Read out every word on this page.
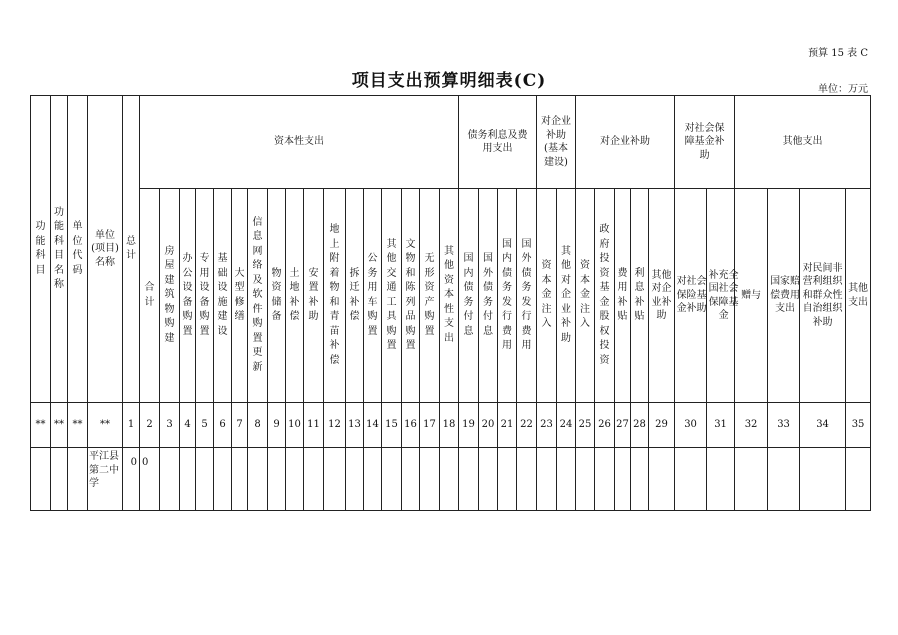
预算 15 表 C
项目支出预算明细表(C)	单位：万元
功能科目	功能科目名称	单位代码	单位(项目)名称	总计	资本性支出																	债务利息及费用支出				对企业补助(基本建设)		对企业补助					对社会保障基金补助		其他支出			
					合计	房屋建筑物购建	办公设备购置	专用设备购置	基础设施建设	大型修缮	信息网络及软件购置更新	物资储备	土地补偿	安置补助	地上附着物和青苗补偿	拆迁补偿	公务用车购置	其他交通工具购置	文物和陈列品购置	无形资产购置	其他资本性支出	国内债务付息	国外债务付息	国内债务发行费用	国外债务发行费用	资本金注入	其他对企业补助	资本金注入	政府投资基金股权投资	费用补贴	利息补贴	其他对企业补助	对社会保险基金补助	补充全国社会保障基金	赠与	国家赔偿费用支出	对民间非营利组织和群众性自治组织补助	其他支出
**	**	**	**	1	2	3	4	5	6	7	8	9	10	11	12	13	14	15	16	17	18	19	20	21	22	23	24	25	26	27	28	29	30	31	32	33	34	35
			平江县第二中学	0	0																																	
